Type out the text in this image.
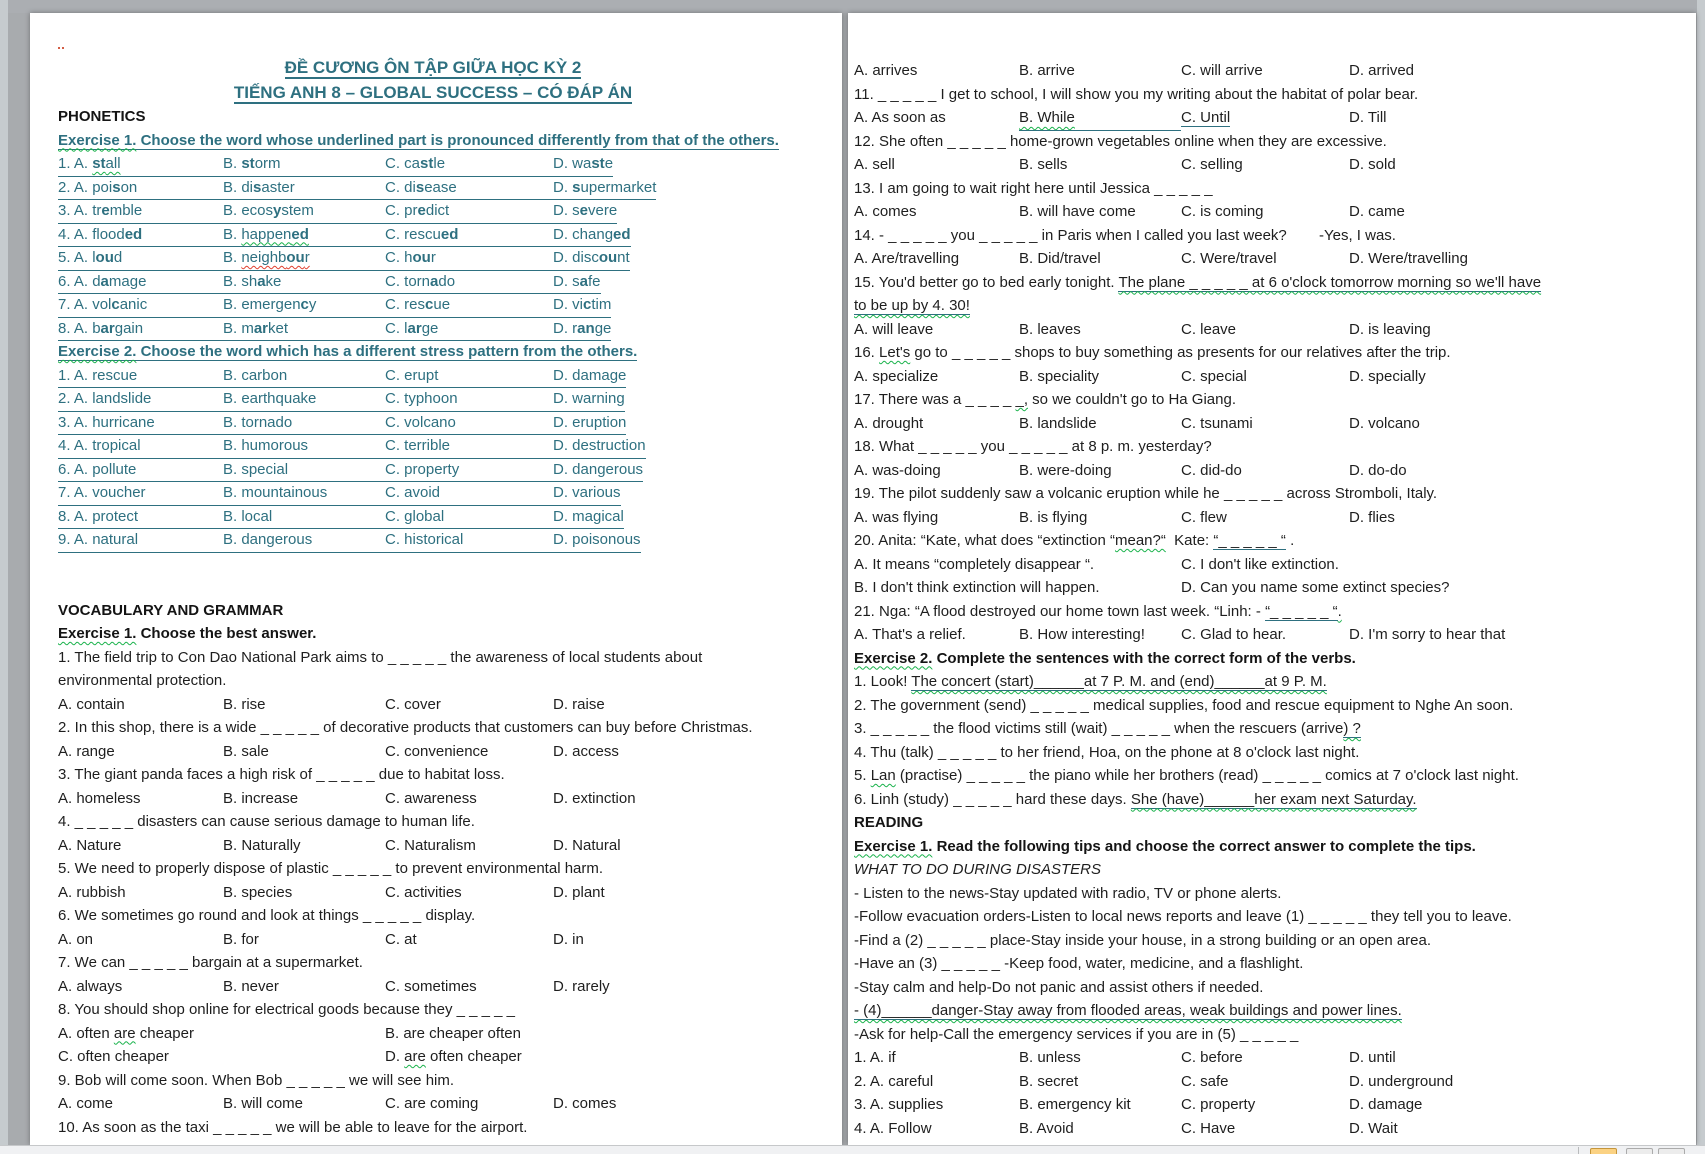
ĐỀ CƯƠNG ÔN TẬP GIỮA HỌC KỲ 2
TIẾNG ANH 8 – GLOBAL SUCCESS – CÓ ĐÁP ÁN
PHONETICS
Exercise 1. Choose the word whose underlined part is pronounced differently from that of the others.
1. A. stall	B. storm	C. castle	D. waste
2. A. poison	B. disaster	C. disease	D. supermarket
3. A. tremble	B. ecosystem	C. predict	D. severe
4. A. flooded	B. happened	C. rescued	D. changed
5. A. loud	B. neighbour	C. hour	D. discount
6. A. damage	B. shake	C. tornado	D. safe
7. A. volcanic	B. emergency	C. rescue	D. victim
8. A. bargain	B. market	C. large	D. range
Exercise 2. Choose the word which has a different stress pattern from the others.
1. A. rescue	B. carbon	C. erupt	D. damage
2. A. landslide	B. earthquake	C. typhoon	D. warning
3. A. hurricane	B. tornado	C. volcano	D. eruption
4. A. tropical	B. humorous	C. terrible	D. destruction
6. A. pollute	B. special	C. property	D. dangerous
7. A. voucher	B. mountainous	C. avoid	D. various
8. A. protect	B. local	C. global	D. magical
9. A. natural	B. dangerous	C. historical	D. poisonous

VOCABULARY AND GRAMMAR
Exercise 1. Choose the best answer.
1. The field trip to Con Dao National Park aims to _ _ _ _ _ the awareness of local students about
environmental protection.
A. contain	B. rise	C. cover	D. raise
2. In this shop, there is a wide _ _ _ _ _ of decorative products that customers can buy before Christmas.
A. range	B. sale	C. convenience	D. access
3. The giant panda faces a high risk of _ _ _ _ _ due to habitat loss.
A. homeless	B. increase	C. awareness	D. extinction
4. _ _ _ _ _ disasters can cause serious damage to human life.
A. Nature	B. Naturally	C. Naturalism	D. Natural
5. We need to properly dispose of plastic _ _ _ _ _ to prevent environmental harm.
A. rubbish	B. species	C. activities	D. plant
6. We sometimes go round and look at things _ _ _ _ _ display.
A. on	B. for	C. at	D. in
7. We can _ _ _ _ _ bargain at a supermarket.
A. always	B. never	C. sometimes	D. rarely
8. You should shop online for electrical goods because they _ _ _ _ _
A. often are cheaper	B. are cheaper often
C. often cheaper	D. are often cheaper
9. Bob will come soon. When Bob _ _ _ _ _ we will see him.
A. come	B. will come	C. are coming	D. comes
10. As soon as the taxi _ _ _ _ _ we will be able to leave for the airport.
A. arrives	B. arrive	C. will arrive	D. arrived
11. _ _ _ _ _ I get to school, I will show you my writing about the habitat of polar bear.
A. As soon as	B. While	C. Until	D. Till
12. She often _ _ _ _ _ home-grown vegetables online when they are excessive.
A. sell	B. sells	C. selling	D. sold
13. I am going to wait right here until Jessica _ _ _ _ _
A. comes	B. will have come	C. is coming	D. came
14. - _ _ _ _ _ you _ _ _ _ _ in Paris when I called you last week? -Yes, I was.
A. Are/travelling	B. Did/travel	C. Were/travel	D. Were/travelling
15. You'd better go to bed early tonight. The plane _ _ _ _ _ at 6 o'clock tomorrow morning so we'll have
to be up by 4. 30!
A. will leave	B. leaves	C. leave	D. is leaving
16. Let's go to _ _ _ _ _ shops to buy something as presents for our relatives after the trip.
A. specialize	B. speciality	C. special	D. specially
17. There was a _ _ _ _ _, so we couldn't go to Ha Giang.
A. drought	B. landslide	C. tsunami	D. volcano
18. What _ _ _ _ _ you _ _ _ _ _ at 8 p. m. yesterday?
A. was-doing	B. were-doing	C. did-do	D. do-do
19. The pilot suddenly saw a volcanic eruption while he _ _ _ _ _ across Stromboli, Italy.
A. was flying	B. is flying	C. flew	D. flies
20. Anita: “Kate, what does “extinction “mean?“  Kate: “_ _ _ _ _ “ .
A. It means “completely disappear “.	C. I don't like extinction.
B. I don't think extinction will happen.	D. Can you name some extinct species?
21. Nga: “A flood destroyed our home town last week. “Linh: - “_ _ _ _ _ “.
A. That's a relief.	B. How interesting!	C. Glad to hear.	D. I'm sorry to hear that
Exercise 2. Complete the sentences with the correct form of the verbs.
1. Look! The concert (start)______at 7 P. M. and (end)______at 9 P. M.
2. The government (send) _ _ _ _ _ medical supplies, food and rescue equipment to Nghe An soon.
3. _ _ _ _ _ the flood victims still (wait) _ _ _ _ _ when the rescuers (arrive) ?
4. Thu (talk) _ _ _ _ _ to her friend, Hoa, on the phone at 8 o'clock last night.
5. Lan (practise) _ _ _ _ _ the piano while her brothers (read) _ _ _ _ _ comics at 7 o'clock last night.
6. Linh (study) _ _ _ _ _ hard these days. She (have)______her exam next Saturday.
READING
Exercise 1. Read the following tips and choose the correct answer to complete the tips.
WHAT TO DO DURING DISASTERS
- Listen to the news-Stay updated with radio, TV or phone alerts.
-Follow evacuation orders-Listen to local news reports and leave (1) _ _ _ _ _ they tell you to leave.
-Find a (2) _ _ _ _ _ place-Stay inside your house, in a strong building or an open area.
-Have an (3) _ _ _ _ _ -Keep food, water, medicine, and a flashlight.
-Stay calm and help-Do not panic and assist others if needed.
- (4)______danger-Stay away from flooded areas, weak buildings and power lines.
-Ask for help-Call the emergency services if you are in (5) _ _ _ _ _
1. A. if	B. unless	C. before	D. until
2. A. careful	B. secret	C. safe	D. underground
3. A. supplies	B. emergency kit	C. property	D. damage
4. A. Follow	B. Avoid	C. Have	D. Wait
